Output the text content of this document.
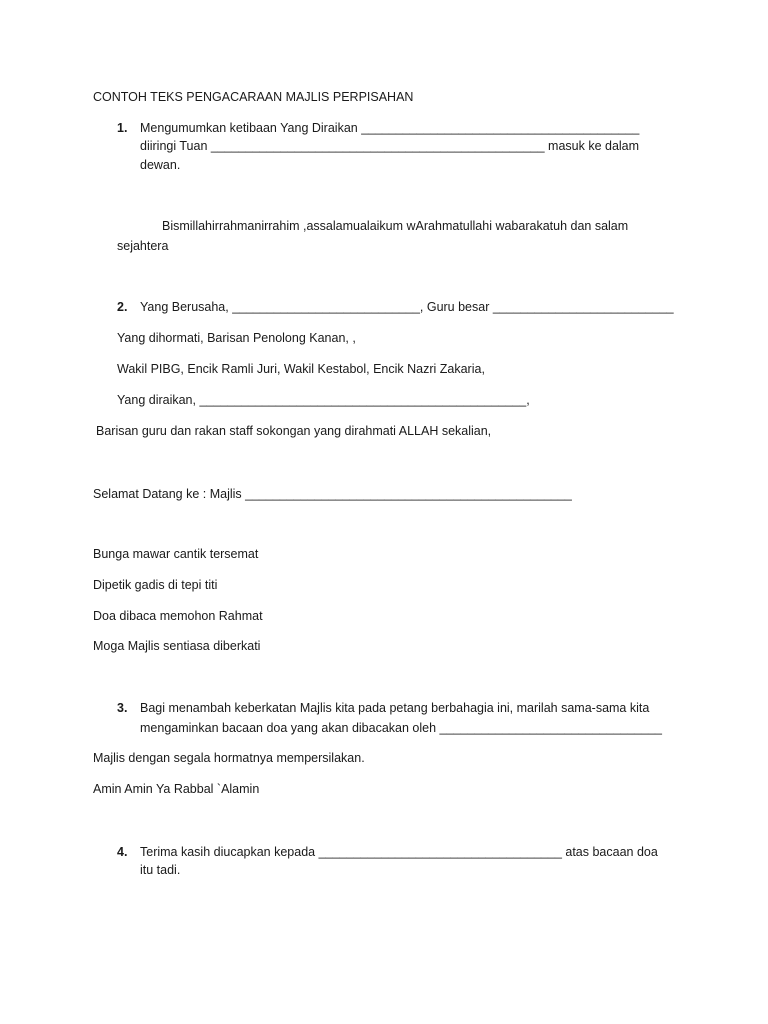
CONTOH TEKS PENGACARAAN MAJLIS PERPISAHAN
1. Mengumumkan ketibaan Yang Diraikan ________________________________________
diiringi Tuan ________________________________________________ masuk ke dalam
dewan.
Bismillahirrahmanirrahim ,assalamualaikum wArahmatullahi wabarakatuh dan salam
sejahtera
2. Yang Berusaha, ___________________________, Guru besar __________________________
Yang dihormati, Barisan Penolong Kanan, ,
Wakil PIBG, Encik Ramli Juri, Wakil Kestabol, Encik Nazri Zakaria,
Yang diraikan, _______________________________________________,
Barisan guru dan rakan staff sokongan yang dirahmati ALLAH sekalian,
Selamat Datang ke : Majlis _______________________________________________
Bunga mawar cantik tersemat
Dipetik gadis di tepi titi
Doa dibaca memohon Rahmat
Moga Majlis sentiasa diberkati
3. Bagi menambah keberkatan Majlis kita pada petang berbahagia ini, marilah sama-sama kita
mengaminkan bacaan doa yang akan dibacakan oleh ________________________________
Majlis dengan segala hormatnya mempersilakan.
Amin Amin Ya Rabbal `Alamin
4. Terima kasih diucapkan kepada ___________________________________ atas bacaan doa
itu tadi.
